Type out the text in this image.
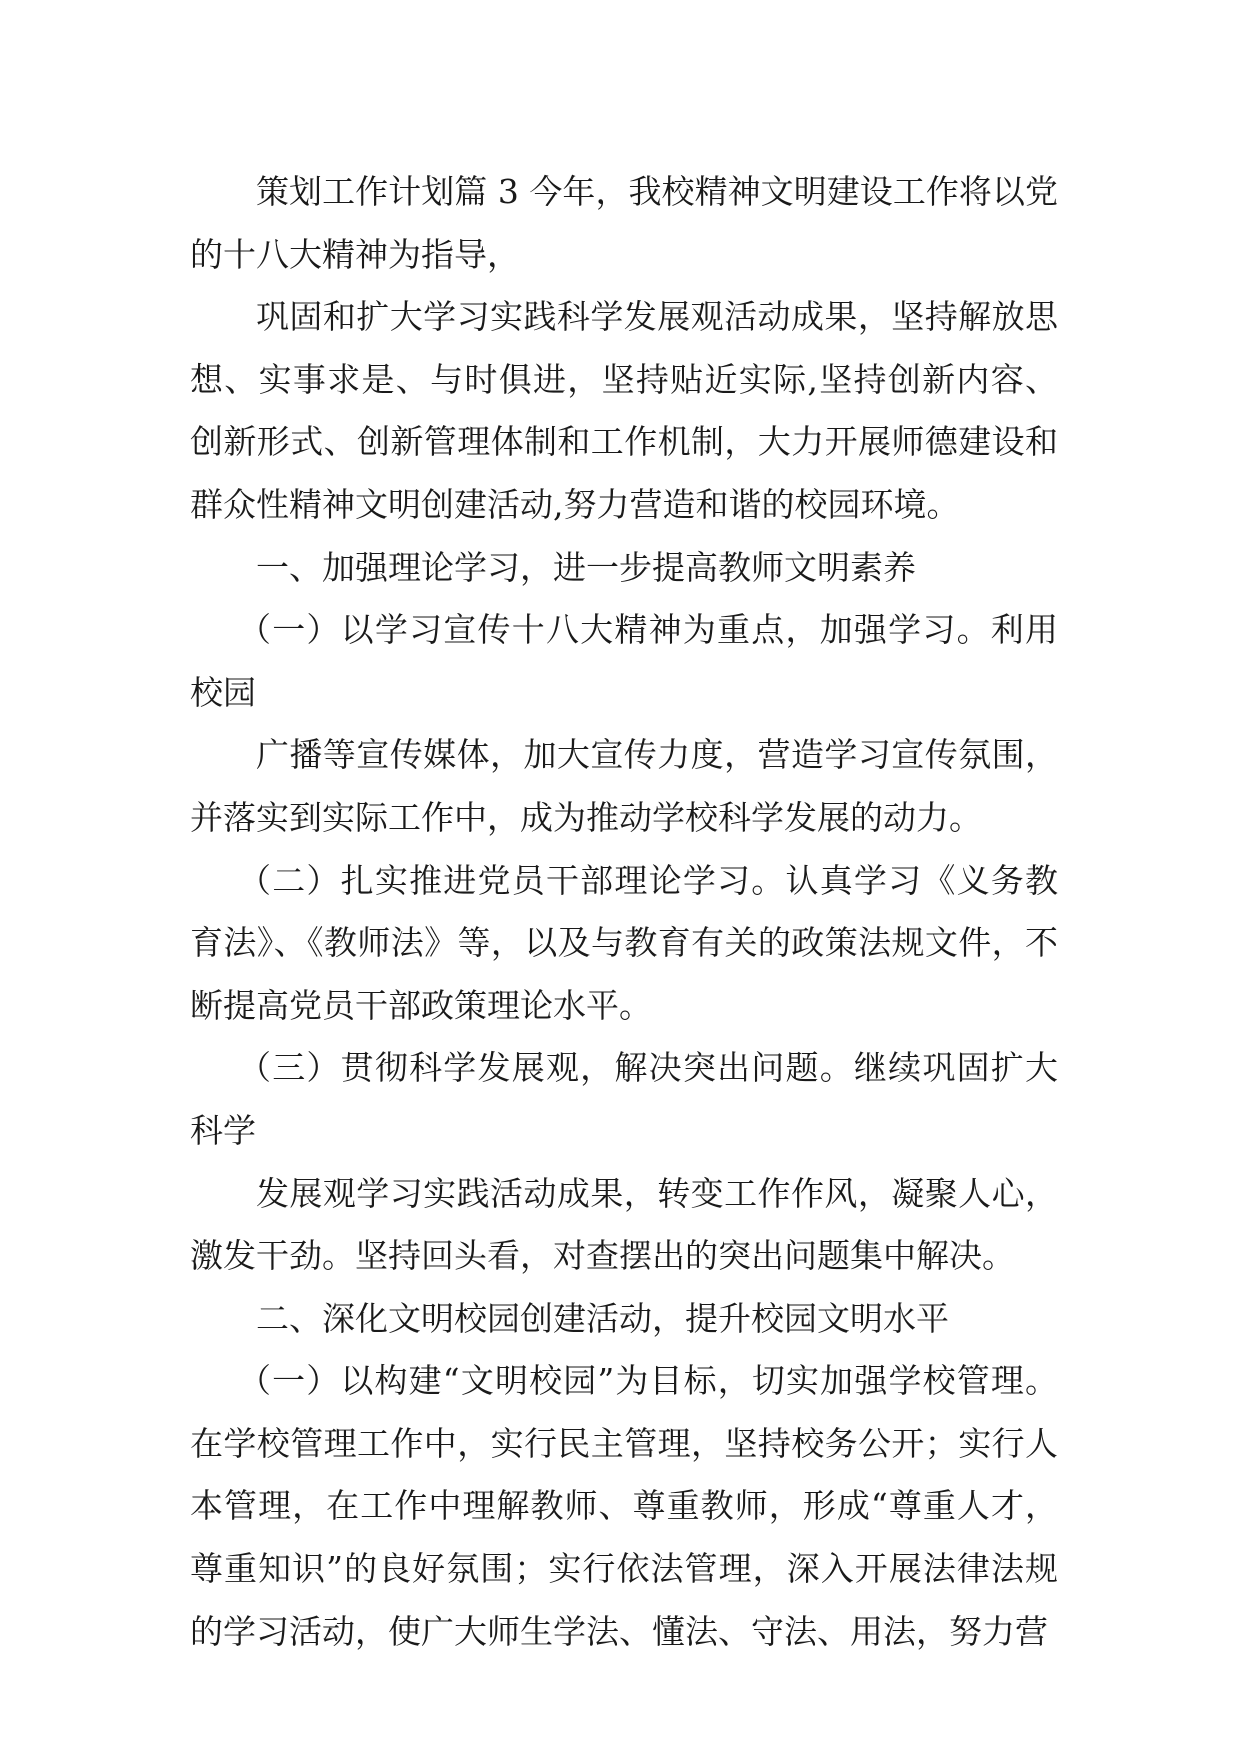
策划工作计划篇 3 今年，我校精神文明建设工作将以党的十八大精神为指导，

巩固和扩大学习实践科学发展观活动成果，坚持解放思想、实事求是、与时俱进，坚持贴近实际,坚持创新内容、创新形式、创新管理体制和工作机制，大力开展师德建设和群众性精神文明创建活动,努力营造和谐的校园环境。

一、加强理论学习，进一步提高教师文明素养

（一）以学习宣传十八大精神为重点，加强学习。利用校园

广播等宣传媒体，加大宣传力度，营造学习宣传氛围，并落实到实际工作中，成为推动学校科学发展的动力。

（二）扎实推进党员干部理论学习。认真学习《义务教育法》、《教师法》等，以及与教育有关的政策法规文件，不断提高党员干部政策理论水平。

（三）贯彻科学发展观，解决突出问题。继续巩固扩大科学

发展观学习实践活动成果，转变工作作风，凝聚人心，激发干劲。坚持回头看，对查摆出的突出问题集中解决。

二、深化文明校园创建活动，提升校园文明水平

（一）以构建“文明校园”为目标，切实加强学校管理。在学校管理工作中，实行民主管理，坚持校务公开；实行人本管理，在工作中理解教师、尊重教师，形成“尊重人才，尊重知识”的良好氛围；实行依法管理，深入开展法律法规的学习活动，使广大师生学法、懂法、守法、用法，努力营
